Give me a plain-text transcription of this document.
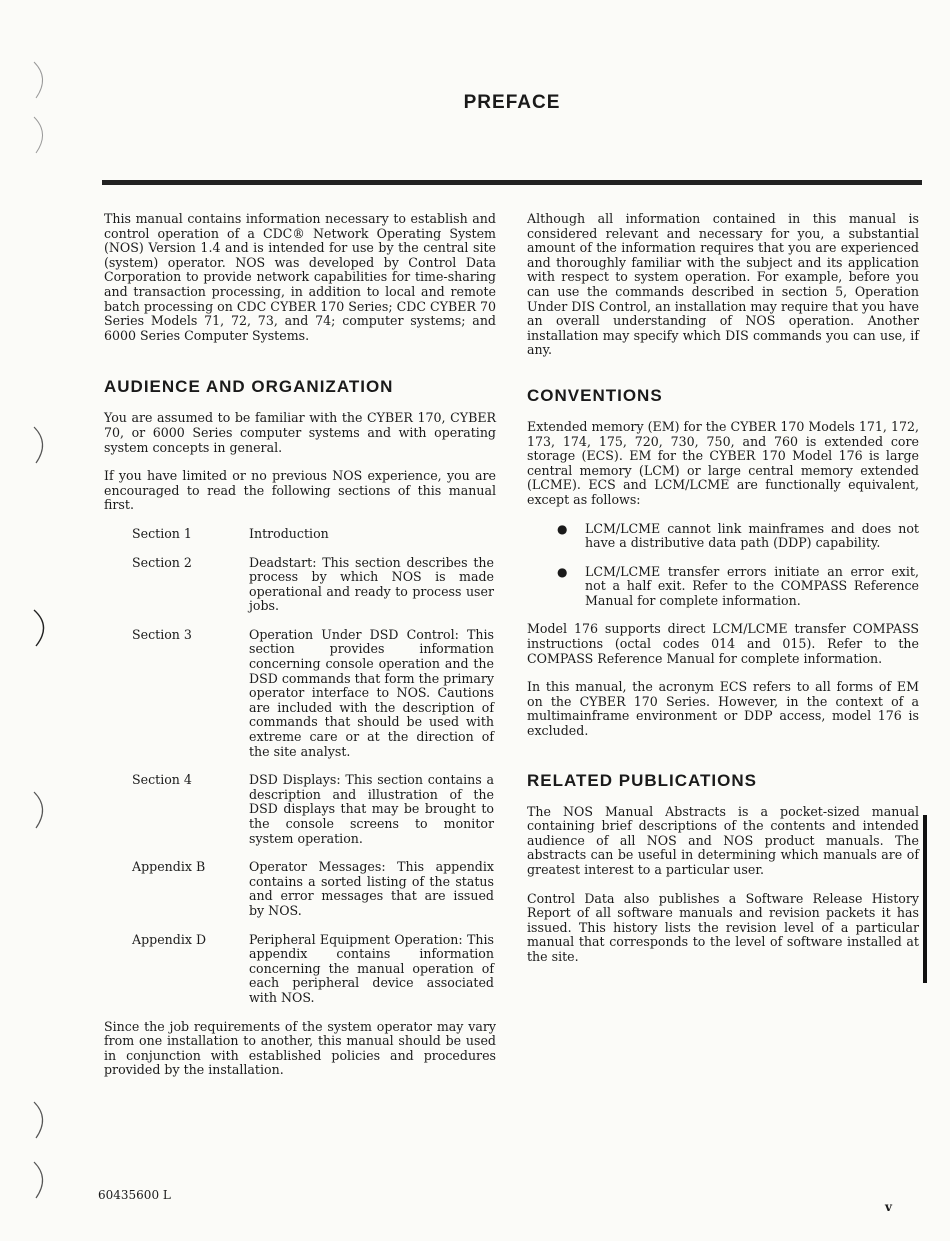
PREFACE

This manual contains information necessary to establish and control operation of a CDC® Network Operating System (NOS) Version 1.4 and is intended for use by the central site (system) operator. NOS was developed by Control Data Corporation to provide network capabilities for time-sharing and transaction processing, in addition to local and remote batch processing on CDC CYBER 170 Series; CDC CYBER 70 Series Models 71, 72, 73, and 74; computer systems; and 6000 Series Computer Systems.

AUDIENCE AND ORGANIZATION

You are assumed to be familiar with the CYBER 170, CYBER 70, or 6000 Series computer systems and with operating system concepts in general.

If you have limited or no previous NOS experience, you are encouraged to read the following sections of this manual first.

Section 1	Introduction
Section 2	Deadstart: This section describes the process by which NOS is made operational and ready to process user jobs.
Section 3	Operation Under DSD Control: This section provides information concerning console operation and the DSD commands that form the primary operator interface to NOS. Cautions are included with the description of commands that should be used with extreme care or at the direction of the site analyst.
Section 4	DSD Displays: This section contains a description and illustration of the DSD displays that may be brought to the console screens to monitor system operation.
Appendix B	Operator Messages: This appendix contains a sorted listing of the status and error messages that are issued by NOS.
Appendix D	Peripheral Equipment Operation: This appendix contains information concerning the manual operation of each peripheral device associated with NOS.

Since the job requirements of the system operator may vary from one installation to another, this manual should be used in conjunction with established policies and procedures provided by the installation.

Although all information contained in this manual is considered relevant and necessary for you, a substantial amount of the information requires that you are experienced and thoroughly familiar with the subject and its application with respect to system operation. For example, before you can use the commands described in section 5, Operation Under DIS Control, an installation may require that you have an overall understanding of NOS operation. Another installation may specify which DIS commands you can use, if any.

CONVENTIONS

Extended memory (EM) for the CYBER 170 Models 171, 172, 173, 174, 175, 720, 730, 750, and 760 is extended core storage (ECS). EM for the CYBER 170 Model 176 is large central memory (LCM) or large central memory extended (LCME). ECS and LCM/LCME are functionally equivalent, except as follows:

● LCM/LCME cannot link mainframes and does not have a distributive data path (DDP) capability.
● LCM/LCME transfer errors initiate an error exit, not a half exit. Refer to the COMPASS Reference Manual for complete information.

Model 176 supports direct LCM/LCME transfer COMPASS instructions (octal codes 014 and 015). Refer to the COMPASS Reference Manual for complete information.

In this manual, the acronym ECS refers to all forms of EM on the CYBER 170 Series. However, in the context of a multimainframe environment or DDP access, model 176 is excluded.

RELATED PUBLICATIONS

The NOS Manual Abstracts is a pocket-sized manual containing brief descriptions of the contents and intended audience of all NOS and NOS product manuals. The abstracts can be useful in determining which manuals are of greatest interest to a particular user.

Control Data also publishes a Software Release History Report of all software manuals and revision packets it has issued. This history lists the revision level of a particular manual that corresponds to the level of software installed at the site.

60435600 L
v
